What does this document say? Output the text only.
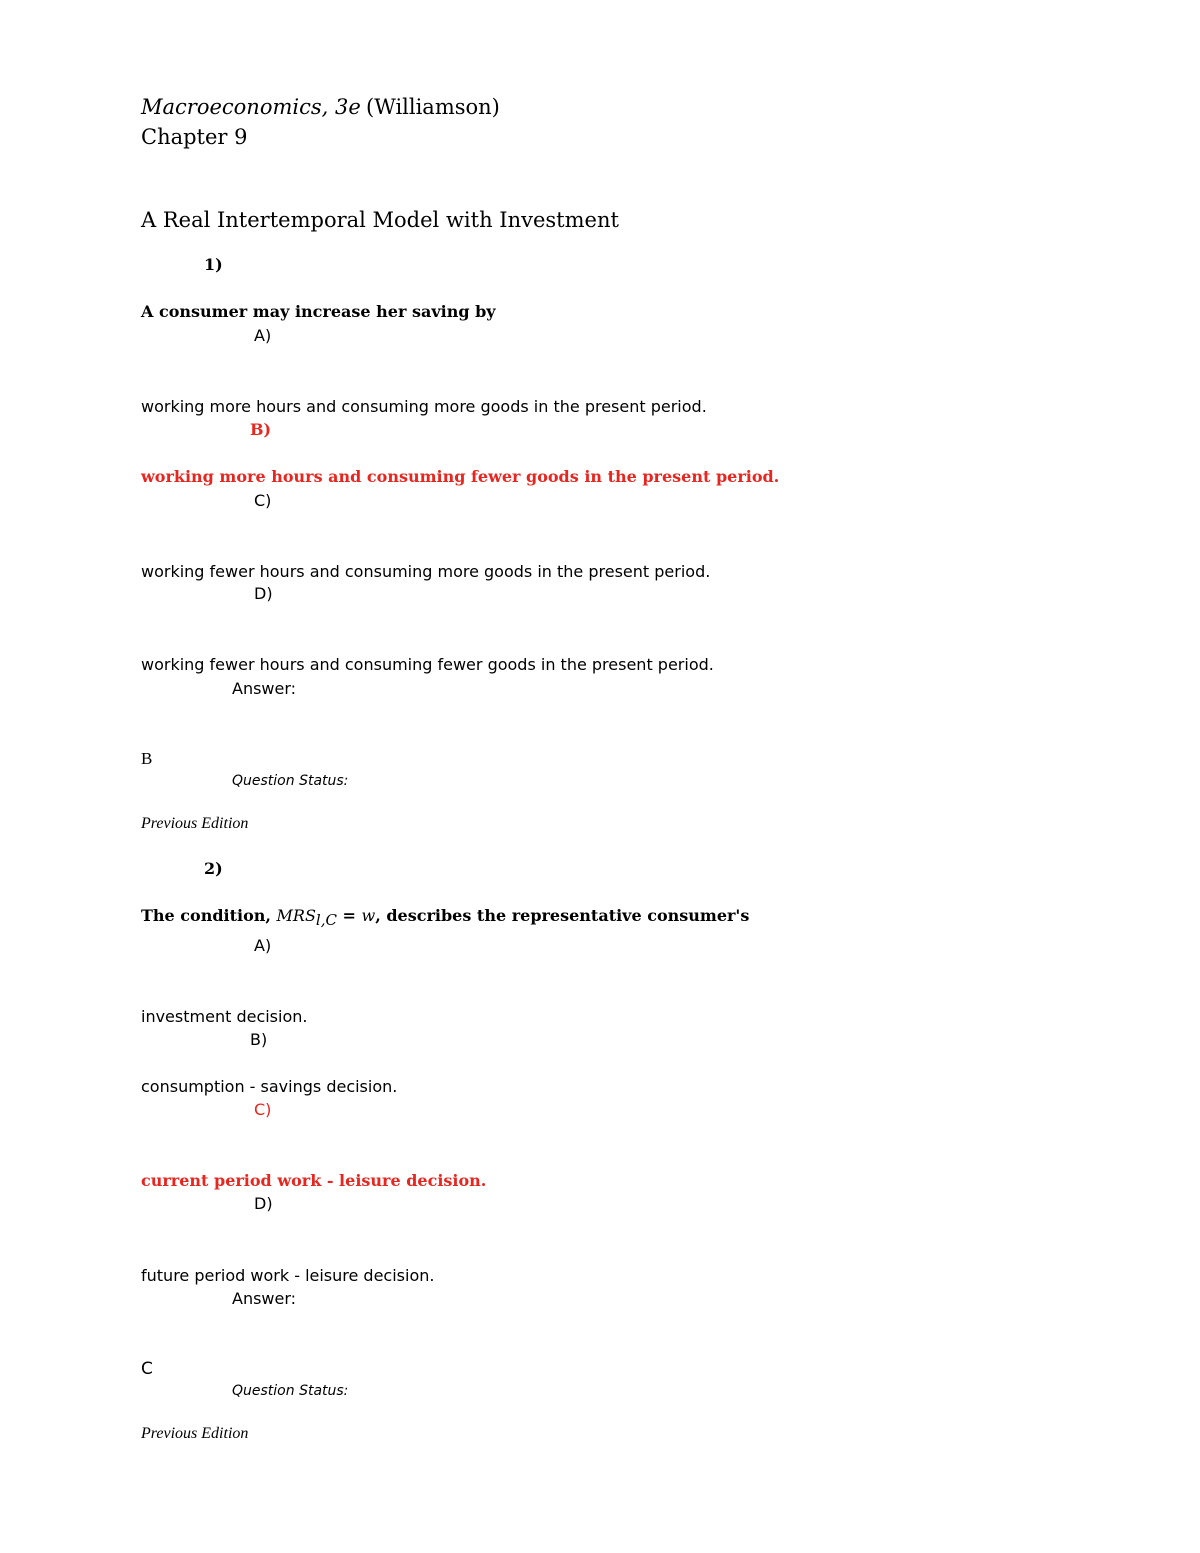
Macroeconomics, 3e (Williamson)
Chapter 9
A Real Intertemporal Model with Investment
1)
A consumer may increase her saving by
A)
working more hours and consuming more goods in the present period.
B)
working more hours and consuming fewer goods in the present period.
C)
working fewer hours and consuming more goods in the present period.
D)
working fewer hours and consuming fewer goods in the present period.
Answer:
B
Question Status:
Previous Edition
2)
The condition, $MRS_{l,C} = w$, describes the representative consumer's
A)
investment decision.
B)
consumption - savings decision.
C)
current period work - leisure decision.
D)
future period work - leisure decision.
Answer:
C
Question Status:
Previous Edition
